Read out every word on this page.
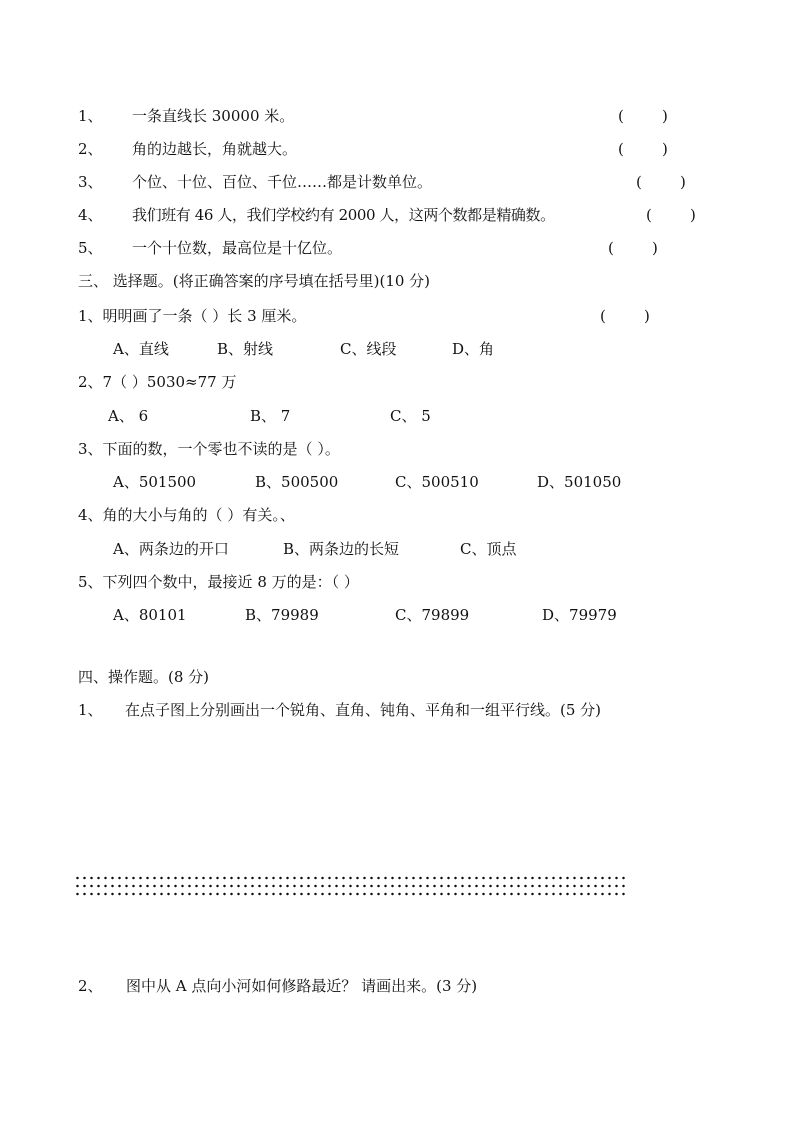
1、 一条直线长 30000 米。	(        )
2、 角的边越长，角就越大。	(        )
3、 个位、十位、百位、千位……都是计数单位。	(        )
4、 我们班有 46 人，我们学校约有 2000 人，这两个数都是精确数。	(        )
5、 一个十位数，最高位是十亿位。	(        )
三、 选择题。(将正确答案的序号填在括号里)(10 分)
1、明明画了一条（ ）长 3 厘米。	(        )
A、直线	B、射线	C、线段	D、角
2、7（ ）5030≈77 万
A、 6	B、 7	C、 5
3、下面的数，一个零也不读的是（ ）。
A、501500	B、500500	C、500510	D、501050
4、角的大小与角的（ ）有关。、
A、两条边的开口	B、两条边的长短	C、顶点
5、下列四个数中，最接近 8 万的是：（ ）
A、80101	B、79989	C、79899	D、79979
四、操作题。(8 分)
1、 在点子图上分别画出一个锐角、直角、钝角、平角和一组平行线。(5 分)
2、 图中从 A 点向小河如何修路最近？ 请画出来。(3 分)
